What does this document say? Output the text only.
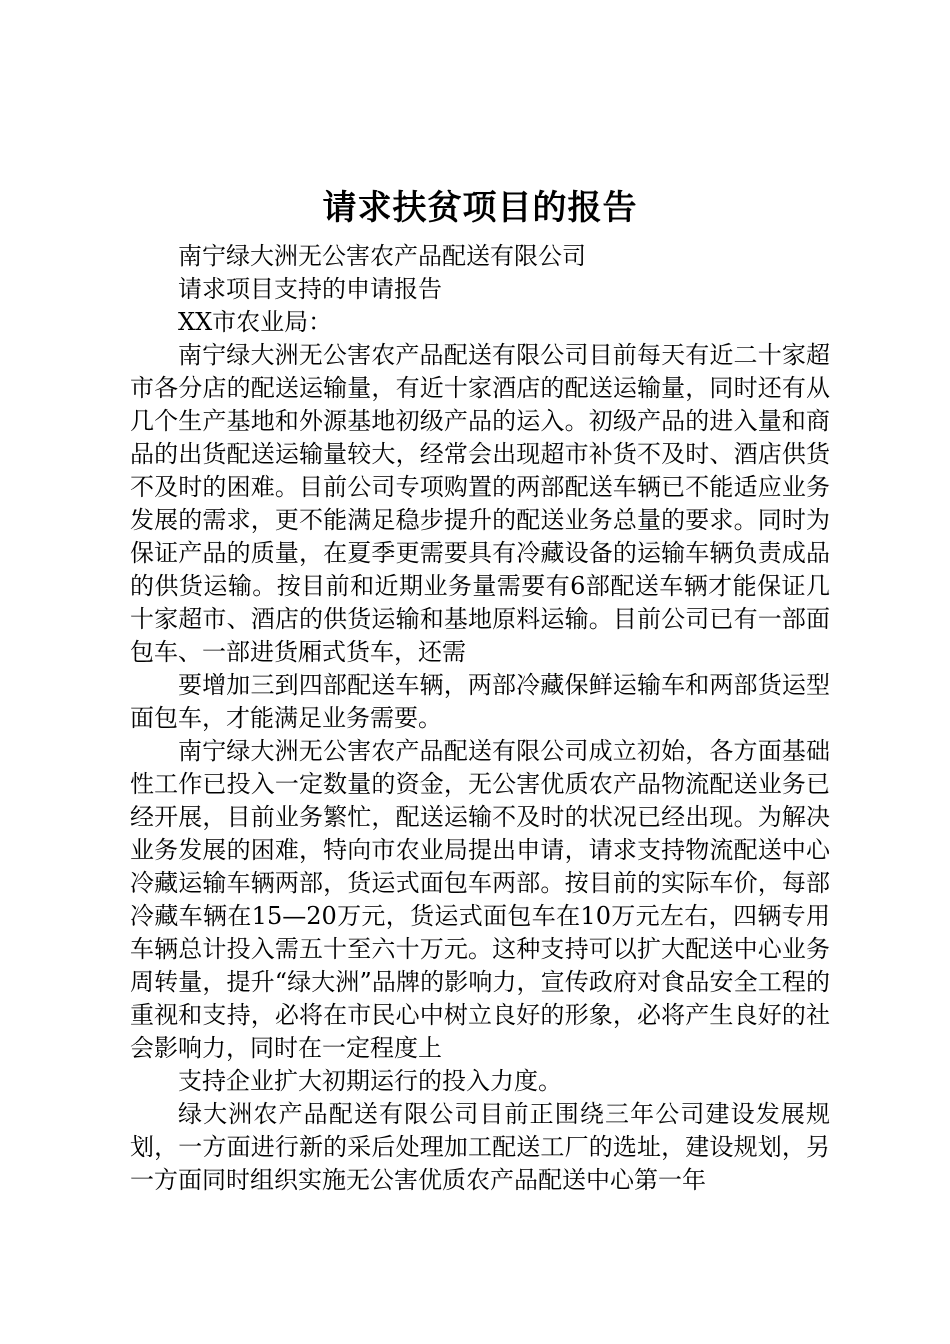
请求扶贫项目的报告

南宁绿大洲无公害农产品配送有限公司

请求项目支持的申请报告

XX市农业局：

南宁绿大洲无公害农产品配送有限公司目前每天有近二十家超市各分店的配送运输量，有近十家酒店的配送运输量，同时还有从几个生产基地和外源基地初级产品的运入。初级产品的进入量和商品的出货配送运输量较大，经常会出现超市补货不及时、酒店供货不及时的困难。目前公司专项购置的两部配送车辆已不能适应业务发展的需求，更不能满足稳步提升的配送业务总量的要求。同时为保证产品的质量，在夏季更需要具有冷藏设备的运输车辆负责成品的供货运输。按目前和近期业务量需要有6部配送车辆才能保证几十家超市、酒店的供货运输和基地原料运输。目前公司已有一部面包车、一部进货厢式货车，还需

要增加三到四部配送车辆，两部冷藏保鲜运输车和两部货运型面包车，才能满足业务需要。

南宁绿大洲无公害农产品配送有限公司成立初始，各方面基础性工作已投入一定数量的资金，无公害优质农产品物流配送业务已经开展，目前业务繁忙，配送运输不及时的状况已经出现。为解决业务发展的困难，特向市农业局提出申请，请求支持物流配送中心冷藏运输车辆两部，货运式面包车两部。按目前的实际车价，每部冷藏车辆在15—20万元，货运式面包车在10万元左右，四辆专用车辆总计投入需五十至六十万元。这种支持可以扩大配送中心业务周转量，提升“绿大洲”品牌的影响力，宣传政府对食品安全工程的重视和支持，必将在市民心中树立良好的形象，必将产生良好的社会影响力，同时在一定程度上

支持企业扩大初期运行的投入力度。

绿大洲农产品配送有限公司目前正围绕三年公司建设发展规划，一方面进行新的采后处理加工配送工厂的选址，建设规划，另一方面同时组织实施无公害优质农产品配送中心第一年
